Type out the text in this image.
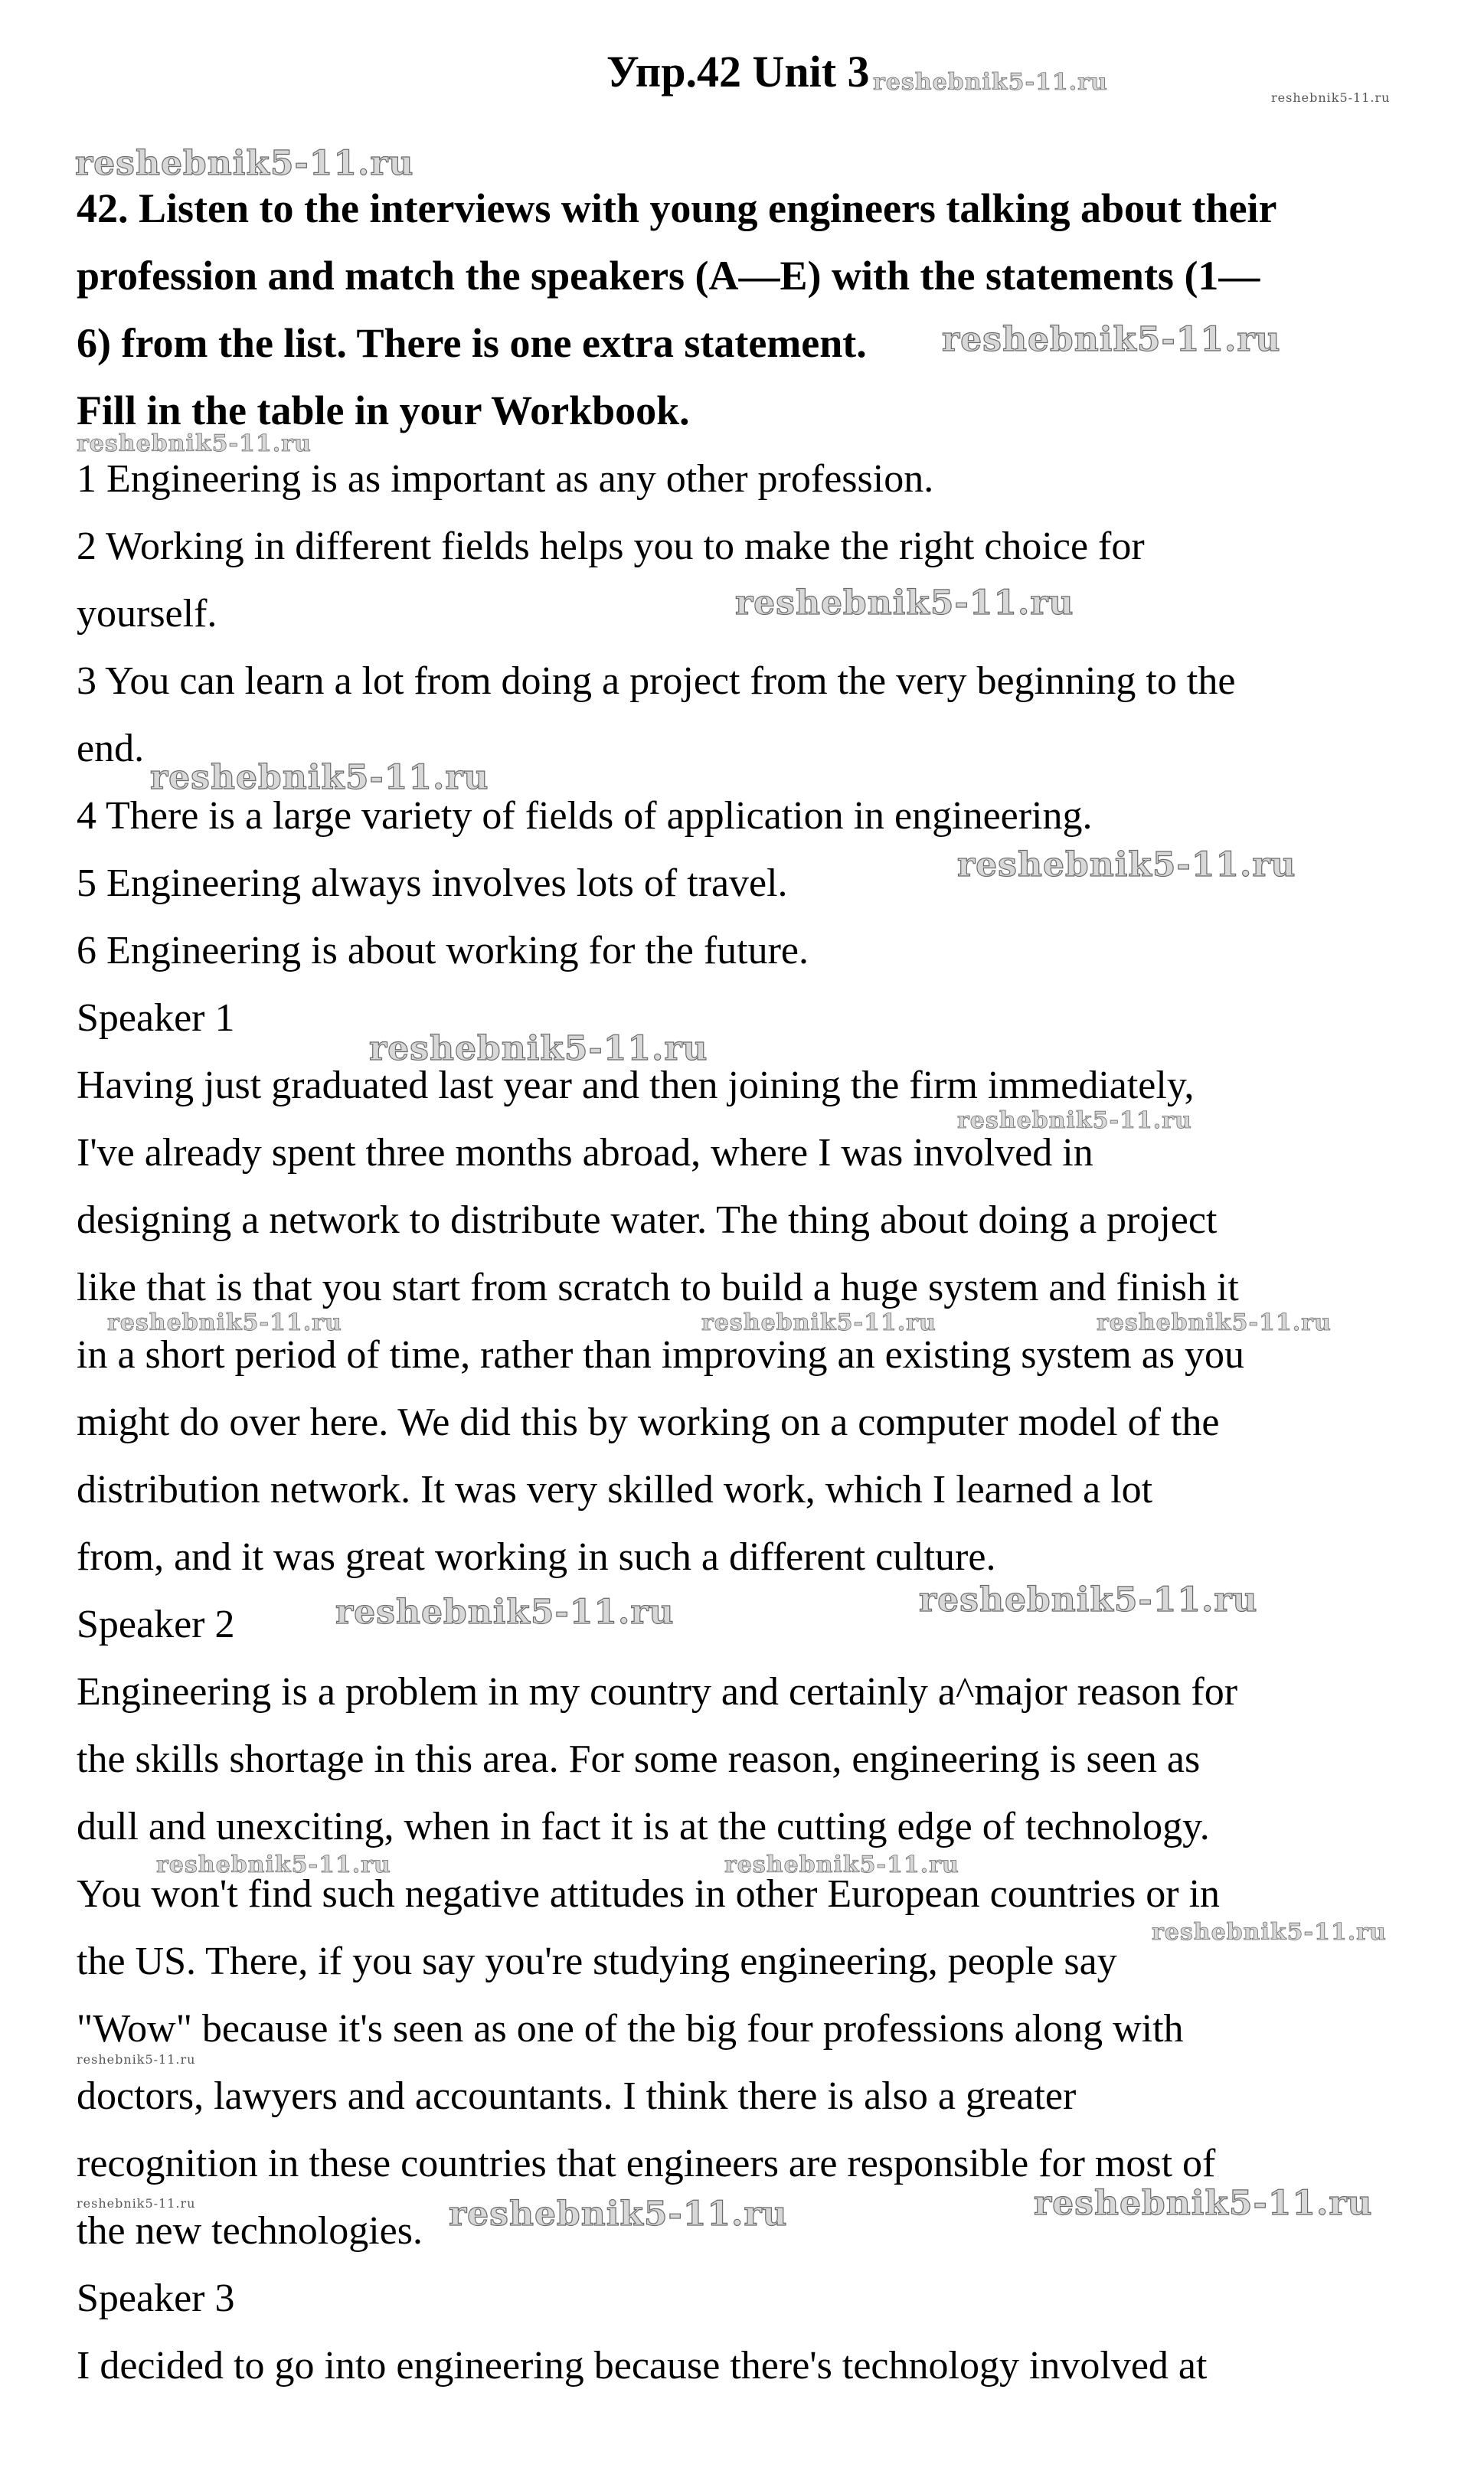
Упр.42 Unit 3
42. Listen to the interviews with young engineers talking about their
profession and match the speakers (A—E) with the statements (1—
6) from the list. There is one extra statement.
Fill in the table in your Workbook.
1 Engineering is as important as any other profession.
2 Working in different fields helps you to make the right choice for
yourself.
3 You can learn a lot from doing a project from the very beginning to the
end.
4 There is a large variety of fields of application in engineering.
5 Engineering always involves lots of travel.
6 Engineering is about working for the future.
Speaker 1
Having just graduated last year and then joining the firm immediately,
I've already spent three months abroad, where I was involved in
designing a network to distribute water. The thing about doing a project
like that is that you start from scratch to build a huge system and finish it
in a short period of time, rather than improving an existing system as you
might do over here. We did this by working on a computer model of the
distribution network. It was very skilled work, which I learned a lot
from, and it was great working in such a different culture.
Speaker 2
Engineering is a problem in my country and certainly a^major reason for
the skills shortage in this area. For some reason, engineering is seen as
dull and unexciting, when in fact it is at the cutting edge of technology.
You won't find such negative attitudes in other European countries or in
the US. There, if you say you're studying engineering, people say
"Wow" because it's seen as one of the big four professions along with
doctors, lawyers and accountants. I think there is also a greater
recognition in these countries that engineers are responsible for most of
the new technologies.
Speaker 3
I decided to go into engineering because there's technology involved at
reshebnik5-11.ru
reshebnik5-11.ru
reshebnik5-11.ru
reshebnik5-11.ru
reshebnik5-11.ru
reshebnik5-11.ru
reshebnik5-11.ru
reshebnik5-11.ru
reshebnik5-11.ru
reshebnik5-11.ru
reshebnik5-11.ru	reshebnik5-11.ru	reshebnik5-11.ru
reshebnik5-11.ru	reshebnik5-11.ru
reshebnik5-11.ru	reshebnik5-11.ru
reshebnik5-11.ru
reshebnik5-11.ru
reshebnik5-11.ru	reshebnik5-11.ru	reshebnik5-11.ru
